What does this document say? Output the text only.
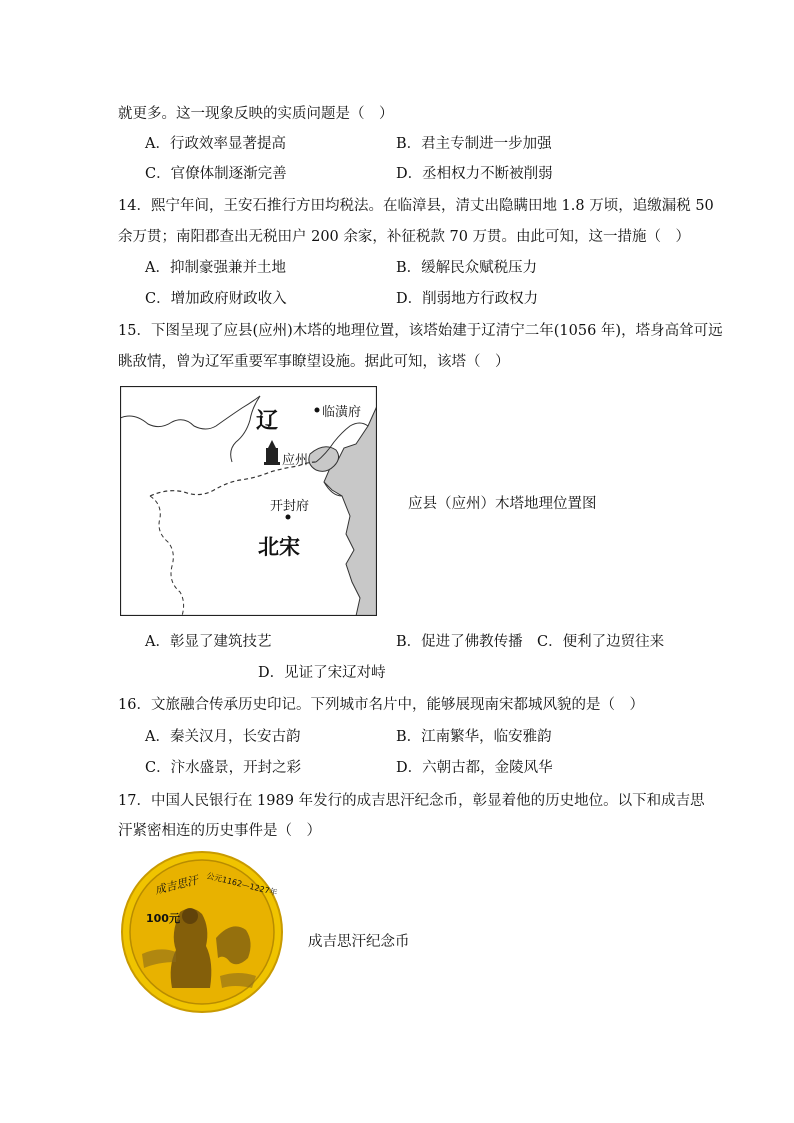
就更多。这一现象反映的实质问题是（　）
A．行政效率显著提高	B．君主专制进一步加强
C．官僚体制逐渐完善	D．丞相权力不断被削弱
14．熙宁年间，王安石推行方田均税法。在临漳县，清丈出隐瞒田地 1.8 万顷，追缴漏税 50
余万贯；南阳郡查出无税田户 200 余家，补征税款 70 万贯。由此可知，这一措施（　）
A．抑制豪强兼并土地	B．缓解民众赋税压力
C．增加政府财政收入	D．削弱地方行政权力
15．下图呈现了应县(应州)木塔的地理位置，该塔始建于辽清宁二年(1056 年)，塔身高耸可远
眺敌情，曾为辽军重要军事瞭望设施。据此可知，该塔（　）
辽	临潢府
应州
开封府
北宋
应县（应州）木塔地理位置图
A．彰显了建筑技艺	B．促进了佛教传播 C．便利了边贸往来
D．见证了宋辽对峙
16．文旅融合传承历史印记。下列城市名片中，能够展现南宋都城风貌的是（　）
A．秦关汉月，长安古韵	B．江南繁华，临安雅韵
C．汴水盛景，开封之彩	D．六朝古都，金陵风华
17．中国人民银行在 1989 年发行的成吉思汗纪念币，彰显着他的历史地位。以下和成吉思
汗紧密相连的历史事件是（　）
成吉思汗 公元1162—1227年
100元
成吉思汗纪念币
